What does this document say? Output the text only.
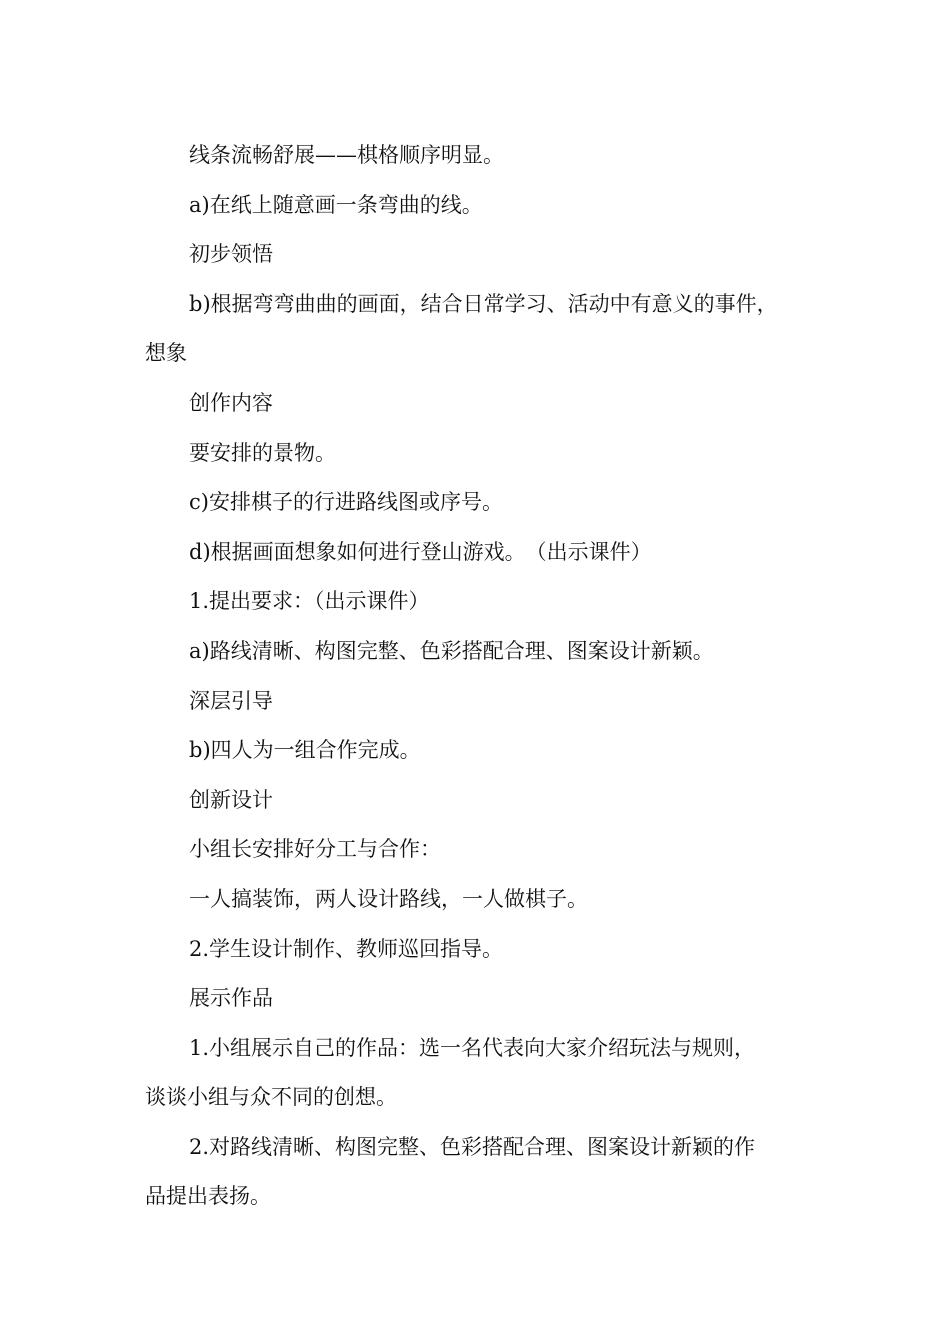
线条流畅舒展——棋格顺序明显。

a)在纸上随意画一条弯曲的线。

初步领悟

b)根据弯弯曲曲的画面，结合日常学习、活动中有意义的事件，

想象

创作内容

要安排的景物。

c)安排棋子的行进路线图或序号。

d)根据画面想象如何进行登山游戏。　（出示课件）

1.提出要求：（出示课件）

a)路线清晰、构图完整、色彩搭配合理、图案设计新颖。

深层引导

b)四人为一组合作完成。

创新设计

小组长安排好分工与合作：

一人搞装饰，两人设计路线，一人做棋子。

2.学生设计制作、教师巡回指导。

展示作品

1.小组展示自己的作品：选一名代表向大家介绍玩法与规则，

谈谈小组与众不同的创想。

2.对路线清晰、构图完整、色彩搭配合理、图案设计新颖的作

品提出表扬。
